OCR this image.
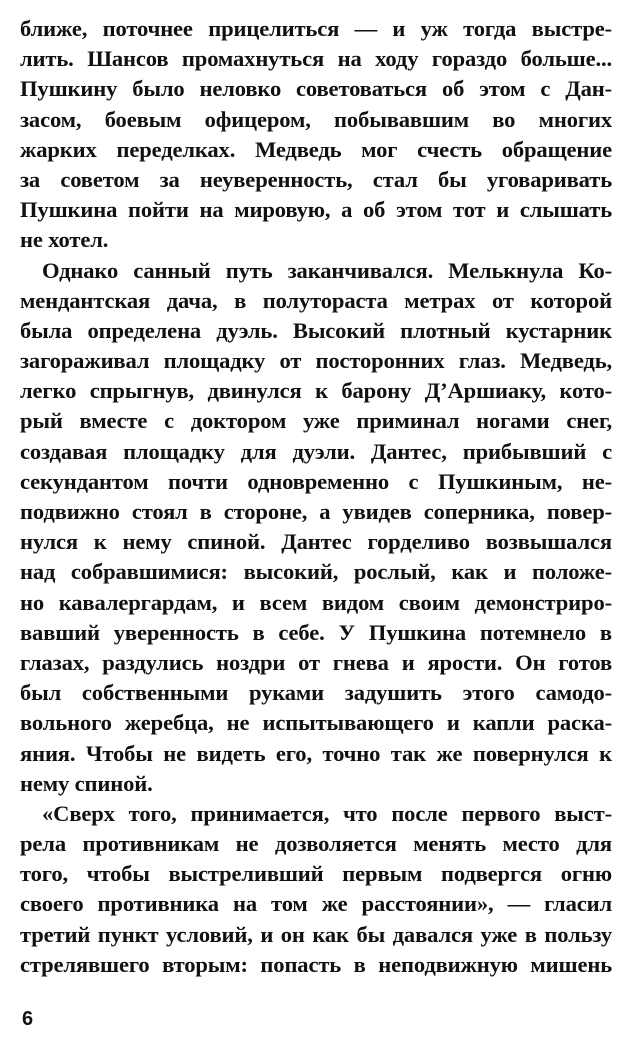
ближе, поточнее прицелиться — и уж тогда выстре-
лить. Шансов промахнуться на ходу гораздо больше...
Пушкину было неловко советоваться об этом с Дан-
засом, боевым офицером, побывавшим во многих
жарких переделках. Медведь мог счесть обращение
за советом за неуверенность, стал бы уговаривать
Пушкина пойти на мировую, а об этом тот и слышать
не хотел.
Однако санный путь заканчивался. Мелькнула Ко-
мендантская дача, в полутораста метрах от которой
была определена дуэль. Высокий плотный кустарник
загораживал площадку от посторонних глаз. Медведь,
легко спрыгнув, двинулся к барону Д’Аршиаку, кото-
рый вместе с доктором уже приминал ногами снег,
создавая площадку для дуэли. Дантес, прибывший с
секундантом почти одновременно с Пушкиным, не-
подвижно стоял в стороне, а увидев соперника, повер-
нулся к нему спиной. Дантес горделиво возвышался
над собравшимися: высокий, рослый, как и положе-
но кавалергардам, и всем видом своим демонстриро-
вавший уверенность в себе. У Пушкина потемнело в
глазах, раздулись ноздри от гнева и ярости. Он готов
был собственными руками задушить этого самодо-
вольного жеребца, не испытывающего и капли раска-
яния. Чтобы не видеть его, точно так же повернулся к
нему спиной.
«Сверх того, принимается, что после первого выст-
рела противникам не дозволяется менять место для
того, чтобы выстреливший первым подвергся огню
своего противника на том же расстоянии», — гласил
третий пункт условий, и он как бы давался уже в пользу
стрелявшего вторым: попасть в неподвижную мишень
6
